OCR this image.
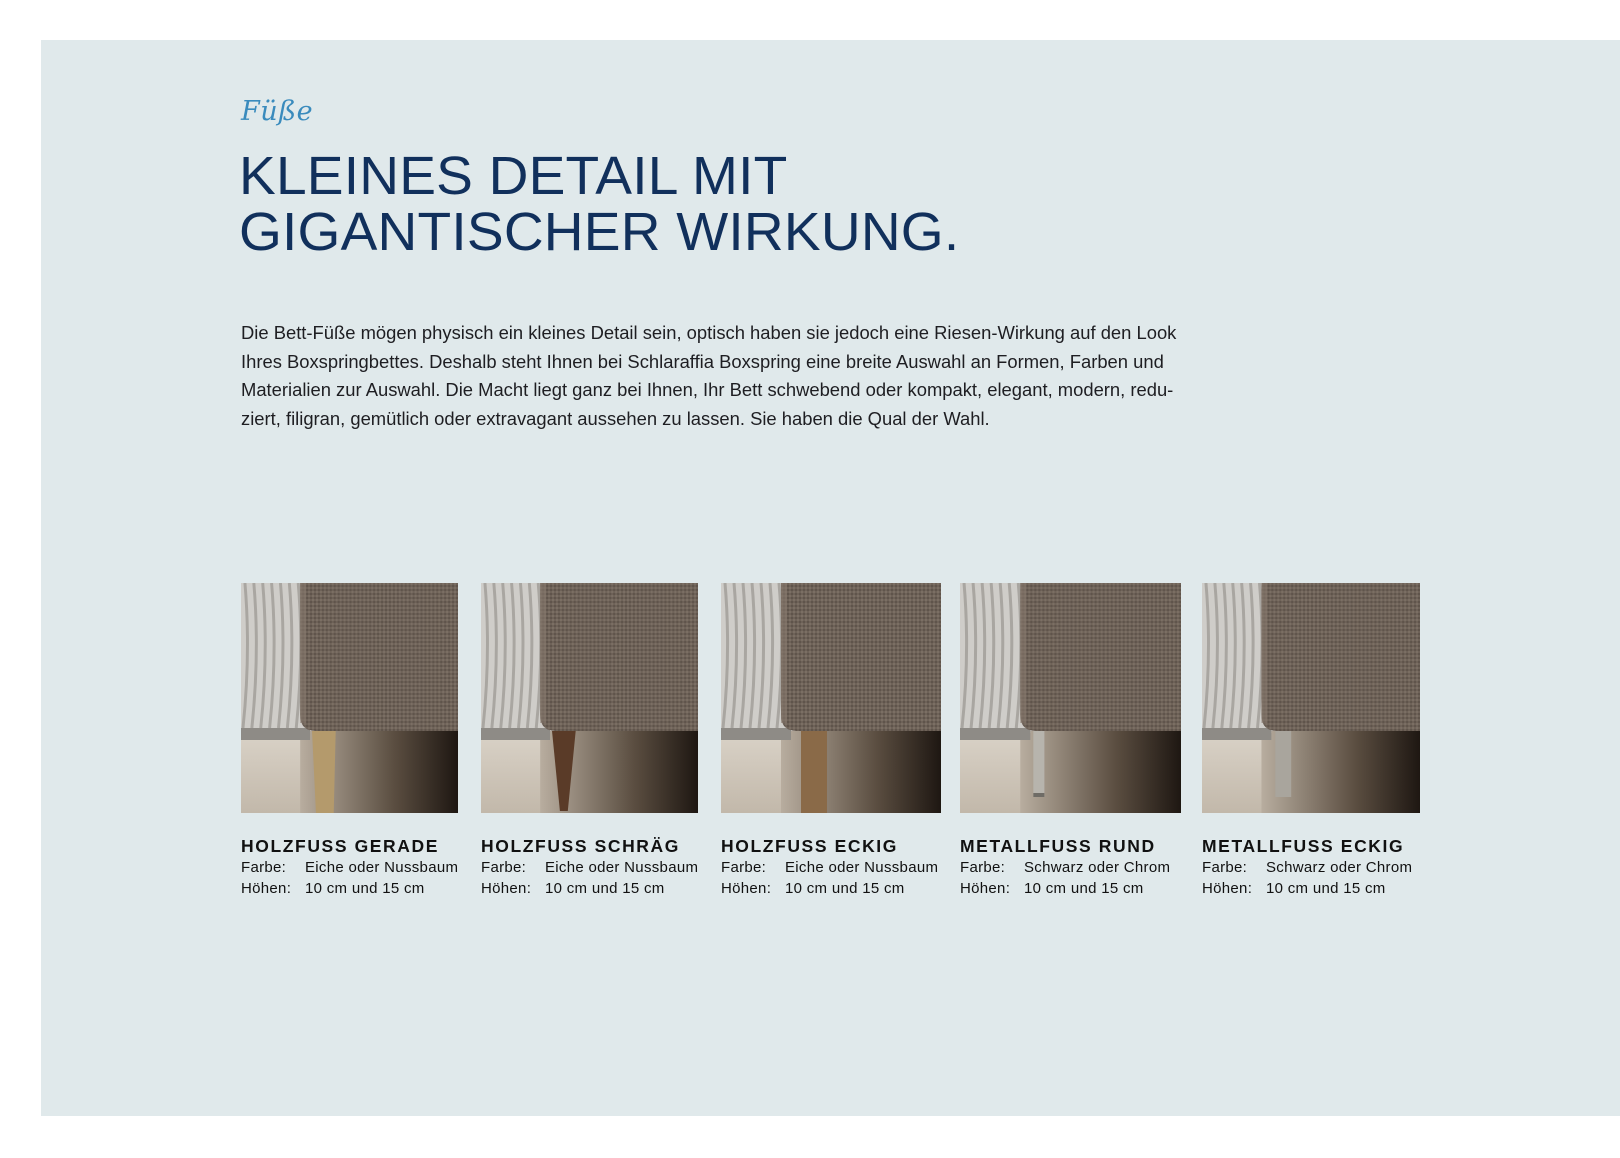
Füße

KLEINES DETAIL MIT
GIGANTISCHER WIRKUNG.

Die Bett-Füße mögen physisch ein kleines Detail sein, optisch haben sie jedoch eine Riesen-Wirkung auf den Look
Ihres Boxspringbettes. Deshalb steht Ihnen bei Schlaraffia Boxspring eine breite Auswahl an Formen, Farben und
Materialien zur Auswahl. Die Macht liegt ganz bei Ihnen, Ihr Bett schwebend oder kompakt, elegant, modern, redu-
ziert, filigran, gemütlich oder extravagant aussehen zu lassen. Sie haben die Qual der Wahl.

HOLZFUSS GERADE
Farbe: Eiche oder Nussbaum
Höhen: 10 cm und 15 cm
HOLZFUSS SCHRÄG
Farbe: Eiche oder Nussbaum
Höhen: 10 cm und 15 cm
HOLZFUSS ECKIG
Farbe: Eiche oder Nussbaum
Höhen: 10 cm und 15 cm
METALLFUSS RUND
Farbe: Schwarz oder Chrom
Höhen: 10 cm und 15 cm
METALLFUSS ECKIG
Farbe: Schwarz oder Chrom
Höhen: 10 cm und 15 cm
